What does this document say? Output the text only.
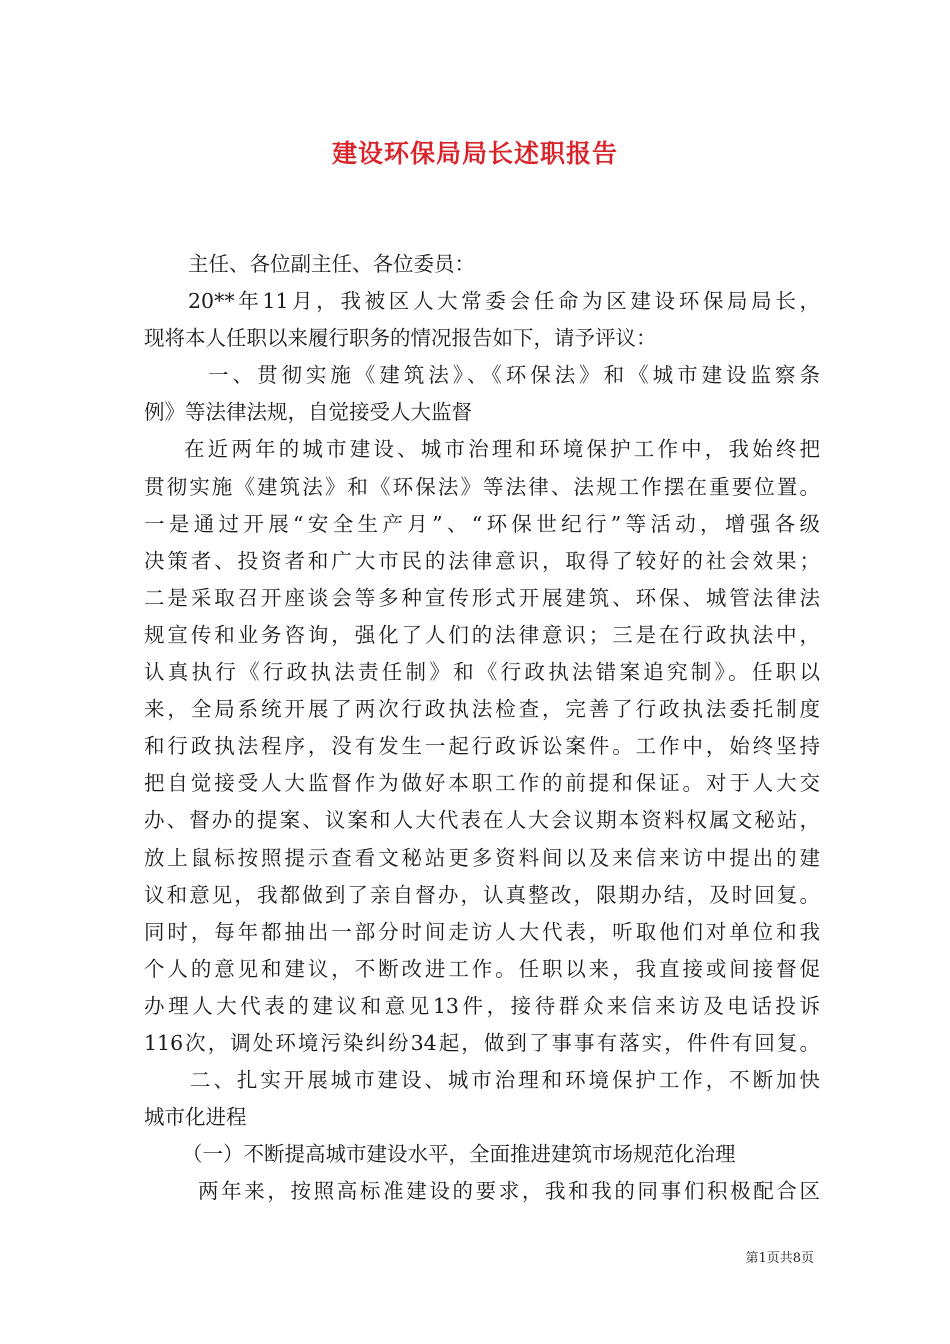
建设环保局局长述职报告
主任、各位副主任、各位委员：
20**年11月，我被区人大常委会任命为区建设环保局局长，
现将本人任职以来履行职务的情况报告如下，请予评议：
一、贯彻实施《建筑法》、《环保法》和《城市建设监察条
例》等法律法规，自觉接受人大监督
在近两年的城市建设、城市治理和环境保护工作中，我始终把
贯彻实施《建筑法》和《环保法》等法律、法规工作摆在重要位置。
一是通过开展“安全生产月”、“环保世纪行”等活动，增强各级
决策者、投资者和广大市民的法律意识，取得了较好的社会效果；
二是采取召开座谈会等多种宣传形式开展建筑、环保、城管法律法
规宣传和业务咨询，强化了人们的法律意识；三是在行政执法中，
认真执行《行政执法责任制》和《行政执法错案追究制》。任职以
来，全局系统开展了两次行政执法检查，完善了行政执法委托制度
和行政执法程序，没有发生一起行政诉讼案件。工作中，始终坚持
把自觉接受人大监督作为做好本职工作的前提和保证。对于人大交
办、督办的提案、议案和人大代表在人大会议期本资料权属文秘站，
放上鼠标按照提示查看文秘站更多资料间以及来信来访中提出的建
议和意见，我都做到了亲自督办，认真整改，限期办结，及时回复。
同时，每年都抽出一部分时间走访人大代表，听取他们对单位和我
个人的意见和建议，不断改进工作。任职以来，我直接或间接督促
办理人大代表的建议和意见13件，接待群众来信来访及电话投诉
116次，调处环境污染纠纷34起，做到了事事有落实，件件有回复。
二、扎实开展城市建设、城市治理和环境保护工作，不断加快
城市化进程
（一）不断提高城市建设水平，全面推进建筑市场规范化治理
两年来，按照高标准建设的要求，我和我的同事们积极配合区
第1页共8页
